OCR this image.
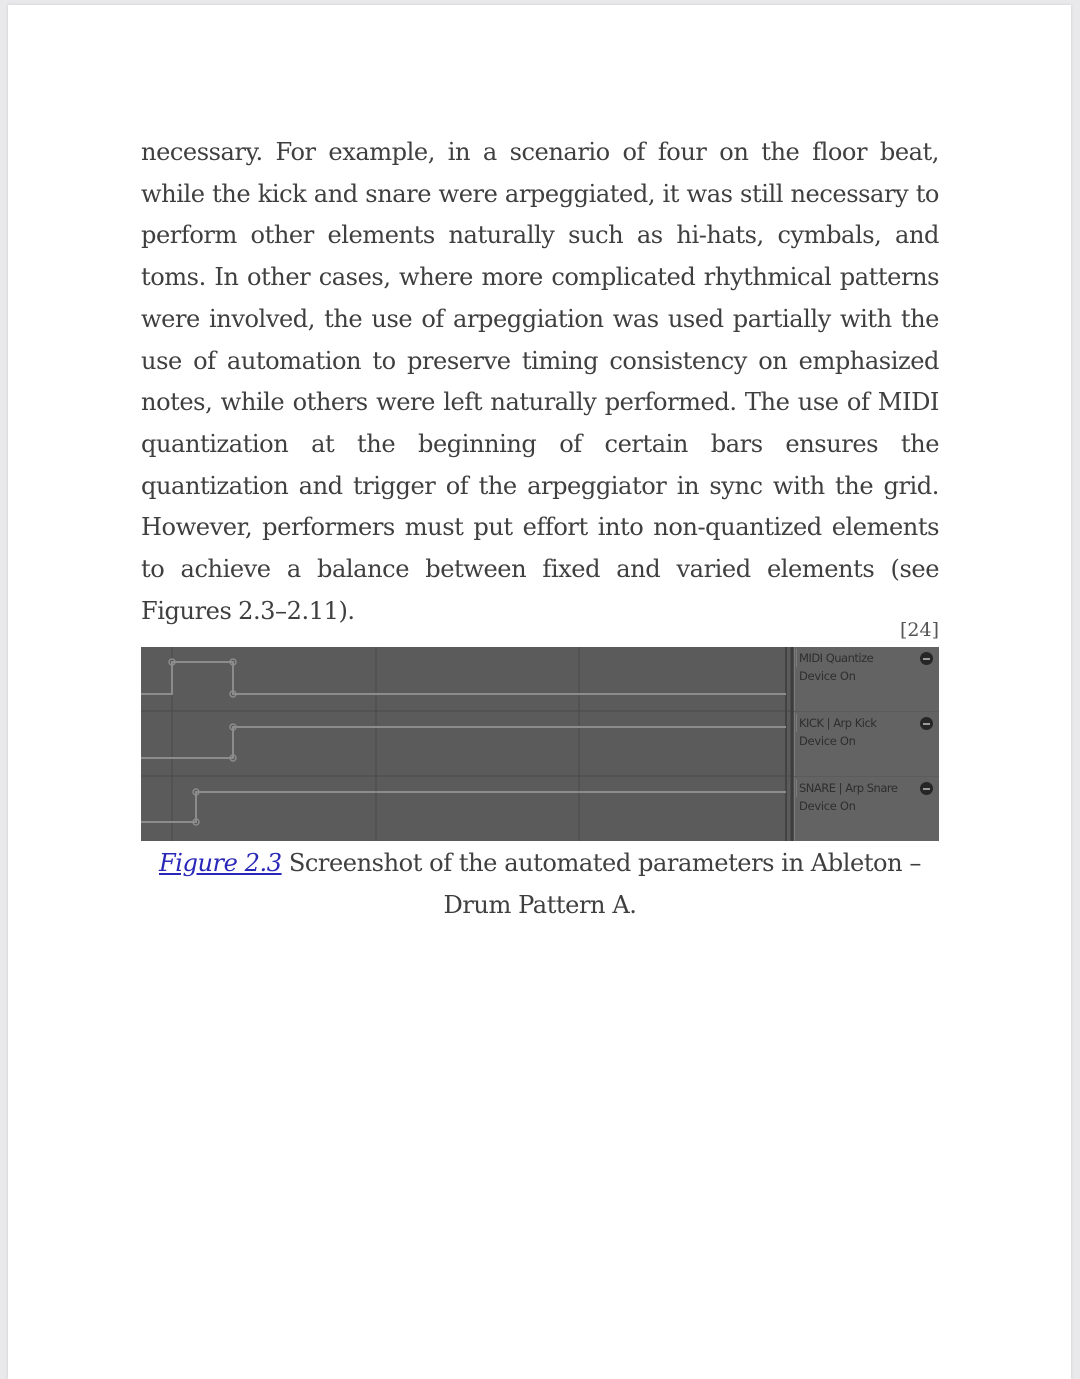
necessary. For example, in a scenario of four on the floor beat, while the kick and snare were arpeggiated, it was still necessary to perform other elements naturally such as hi-hats, cymbals, and toms. In other cases, where more complicated rhythmical patterns were involved, the use of arpeggiation was used partially with the use of automation to preserve timing consistency on emphasized notes, while others were left naturally performed. The use of MIDI quantization at the beginning of certain bars ensures the quantization and trigger of the arpeggiator in sync with the grid. However, performers must put effort into non-quantized elements to achieve a balance between fixed and varied elements (see Figures 2.3–2.11).

[24]
MIDI Quantize
Device On
KICK | Arp Kick
Device On
SNARE | Arp Snare
Device On
Figure 2.3 Screenshot of the automated parameters in Ableton – Drum Pattern A.
